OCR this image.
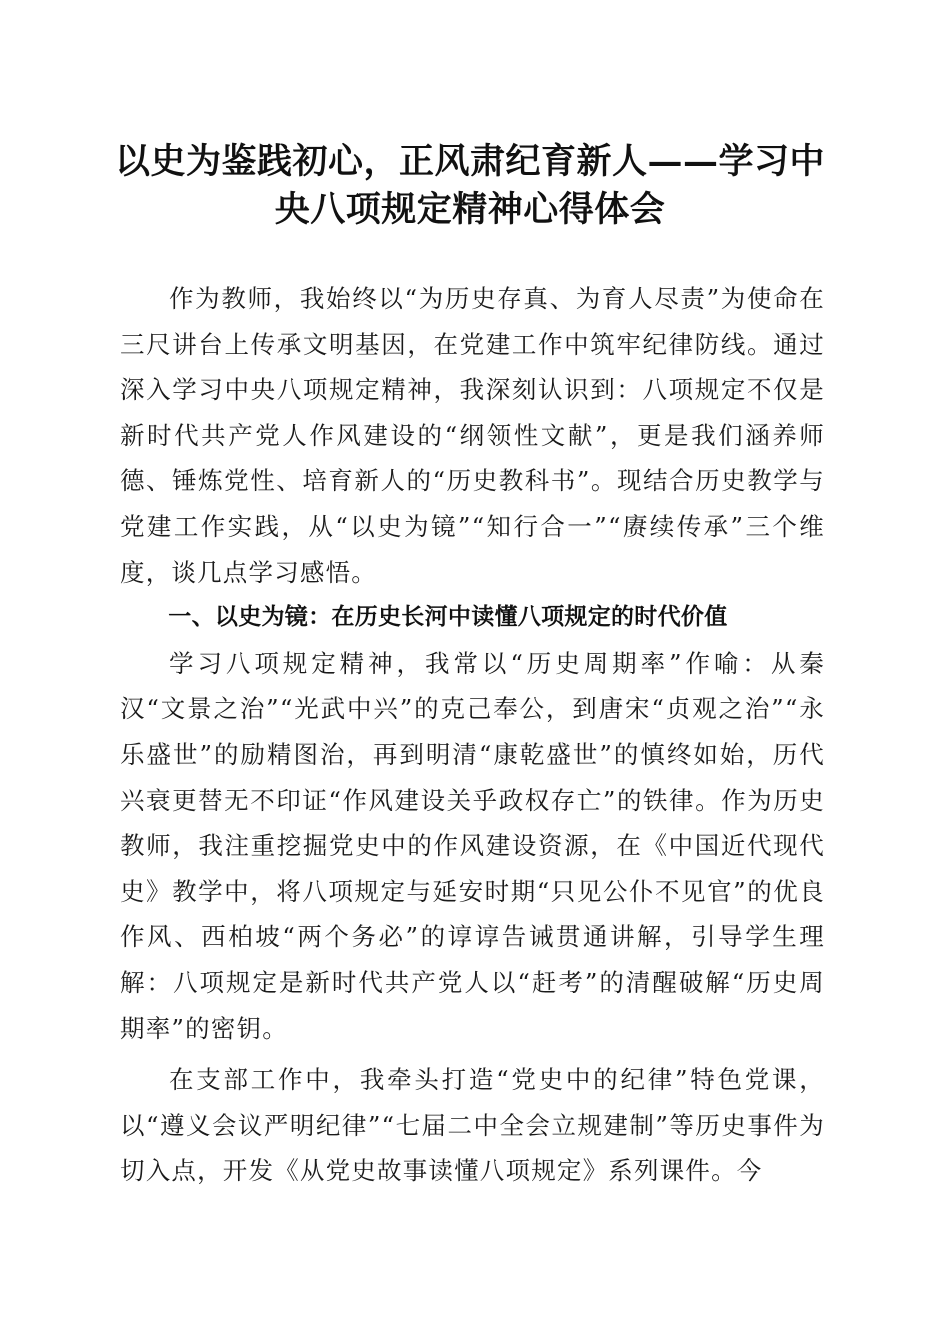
以史为鉴践初心，正风肃纪育新人——学习中央八项规定精神心得体会

作为教师，我始终以“为历史存真、为育人尽责”为使命在三尺讲台上传承文明基因，在党建工作中筑牢纪律防线。通过深入学习中央八项规定精神，我深刻认识到：八项规定不仅是新时代共产党人作风建设的“纲领性文献”，更是我们涵养师德、锤炼党性、培育新人的“历史教科书”。现结合历史教学与党建工作实践，从“以史为镜”“知行合一”“赓续传承”三个维度，谈几点学习感悟。

一、以史为镜：在历史长河中读懂八项规定的时代价值

学习八项规定精神，我常以“历史周期率”作喻：从秦汉“文景之治”“光武中兴”的克己奉公，到唐宋“贞观之治”“永乐盛世”的励精图治，再到明清“康乾盛世”的慎终如始，历代兴衰更替无不印证“作风建设关乎政权存亡”的铁律。作为历史教师，我注重挖掘党史中的作风建设资源，在《中国近代现代史》教学中，将八项规定与延安时期“只见公仆不见官”的优良作风、西柏坡“两个务必”的谆谆告诫贯通讲解，引导学生理解：八项规定是新时代共产党人以“赶考”的清醒破解“历史周期率”的密钥。

在支部工作中，我牵头打造“党史中的纪律”特色党课，以“遵义会议严明纪律”“七届二中全会立规建制”等历史事件为切入点，开发《从党史故事读懂八项规定》系列课件。今
